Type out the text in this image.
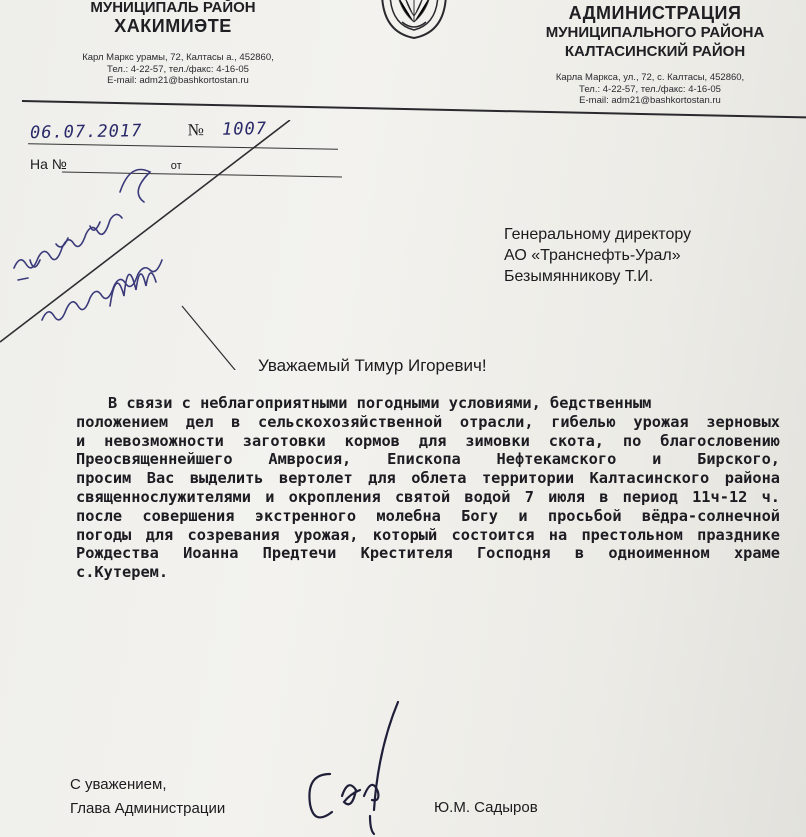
МУНИЦИПАЛЬ РАЙОН
ХАКИМИӘТЕ
Карл Маркс урамы, 72, Калтасы а., 452860,
Тел.: 4-22-57, тел./факс: 4-16-05
E-mail: adm21@bashkortostan.ru
АДМИНИСТРАЦИЯ
МУНИЦИПАЛЬНОГО РАЙОНА
КАЛТАСИНСКИЙ РАЙОН
Карла Маркса, ул., 72, с. Калтасы, 452860,
Тел.: 4-22-57, тел./факс: 4-16-05
E-mail: adm21@bashkortostan.ru
06.07.2017	№ 1007
На №	от
Генеральному директору
АО «Транснефть-Урал»
Безымянникову Т.И.
Уважаемый Тимур Игоревич!
В связи с неблагоприятными погодными условиями, бедственным
положением дел в сельскохозяйственной отрасли, гибелью урожая зерновых
и невозможности заготовки кормов для зимовки скота, по благословению
Преосвященнейшего Амвросия, Епископа Нефтекамского и Бирского,
просим Вас выделить вертолет для облета территории Калтасинского района
священнослужителями и окропления святой водой 7 июля в период 11ч-12 ч.
после совершения экстренного молебна Богу и просьбой вёдра-солнечной
погоды для созревания урожая, который состоится на престольном празднике
Рождества Иоанна Предтечи Крестителя Господня в одноименном храме
с.Кутерем.
С уважением,
Глава Администрации	Ю.М. Садыров
